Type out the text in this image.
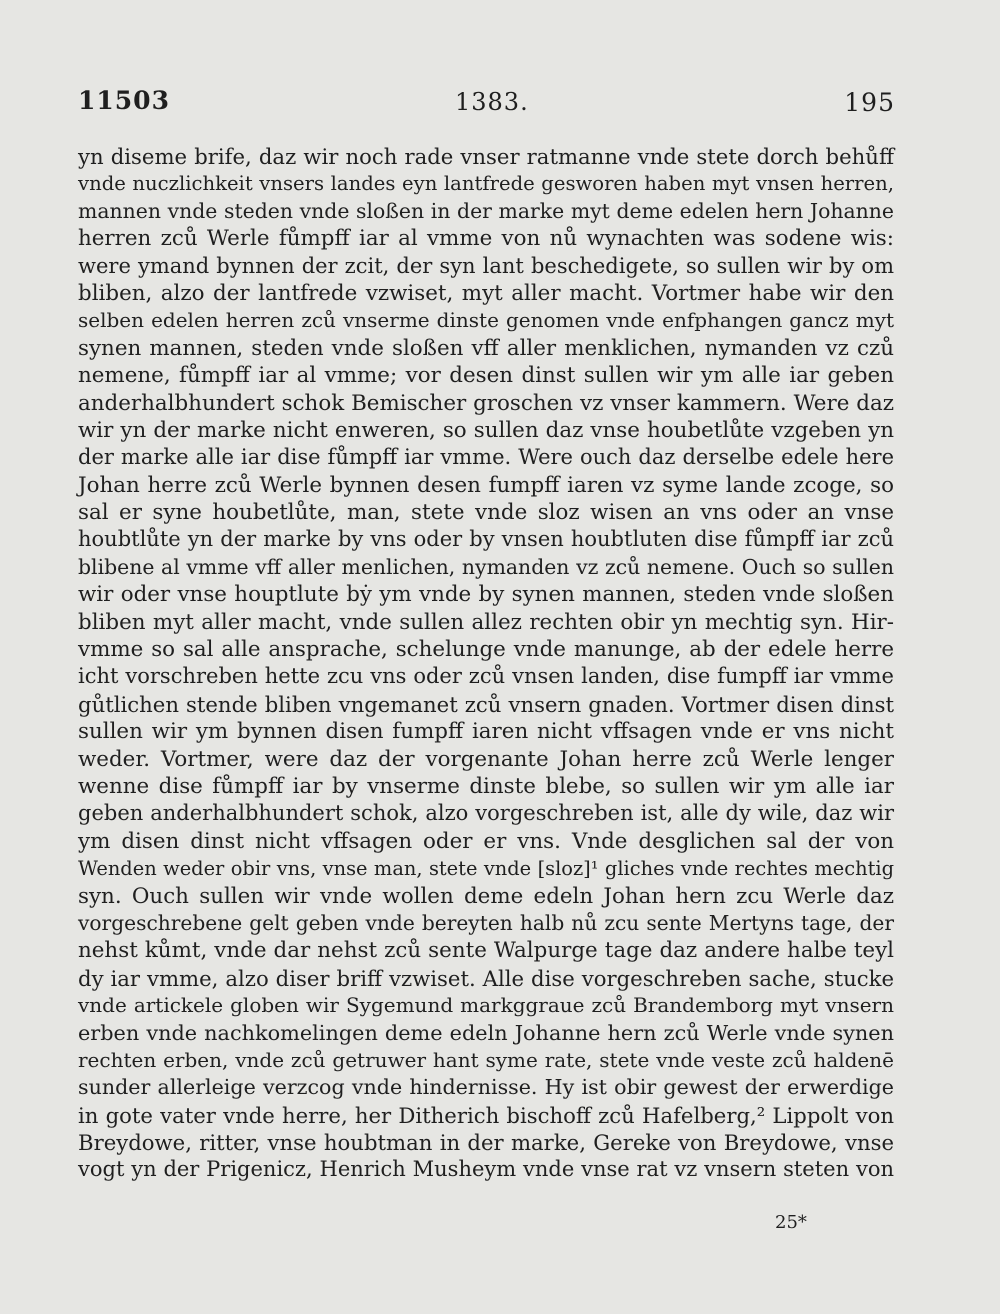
11503	1383.	195
yn diseme brife, daz wir noch rade vnser ratmanne vnde stete dorch behůff
vnde nuczlichkeit vnsers landes eyn lantfrede gesworen haben myt vnsen herren,
mannen vnde steden vnde sloßen in der marke myt deme edelen hern Johanne
herren zců Werle fůmpff iar al vmme von nů wynachten was sodene wis:
were ymand bynnen der zcit, der syn lant beschedigete, so sullen wir by om
bliben, alzo der lantfrede vzwiset, myt aller macht. Vortmer habe wir den
selben edelen herren zců vnserme dinste genomen vnde enfphangen gancz myt
synen mannen, steden vnde sloßen vff aller menklichen, nymanden vz czů
nemene, fůmpff iar al vmme; vor desen dinst sullen wir ym alle iar geben
anderhalbhundert schok Bemischer groschen vz vnser kammern. Were daz
wir yn der marke nicht enweren, so sullen daz vnse houbetlůte vzgeben yn
der marke alle iar dise fůmpff iar vmme. Were ouch daz derselbe edele here
Johan herre zců Werle bynnen desen fumpff iaren vz syme lande zcoge, so
sal er syne houbetlůte, man, stete vnde sloz wisen an vns oder an vnse
houbtlůte yn der marke by vns oder by vnsen houbtluten dise fůmpff iar zců
blibene al vmme vff aller menlichen, nymanden vz zců nemene. Ouch so sullen
wir oder vnse houptlute bẏ ym vnde by synen mannen, steden vnde sloßen
bliben myt aller macht, vnde sullen allez rechten obir yn mechtig syn. Hir-
vmme so sal alle ansprache, schelunge vnde manunge, ab der edele herre
icht vorschreben hette zcu vns oder zců vnsen landen, dise fumpff iar vmme
gůtlichen stende bliben vngemanet zců vnsern gnaden. Vortmer disen dinst
sullen wir ym bynnen disen fumpff iaren nicht vffsagen vnde er vns nicht
weder. Vortmer, were daz der vorgenante Johan herre zců Werle lenger
wenne dise fůmpff iar by vnserme dinste blebe, so sullen wir ym alle iar
geben anderhalbhundert schok, alzo vorgeschreben ist, alle dy wile, daz wir
ym disen dinst nicht vffsagen oder er vns. Vnde desglichen sal der von
Wenden weder obir vns, vnse man, stete vnde [sloz]¹ gliches vnde rechtes mechtig
syn. Ouch sullen wir vnde wollen deme edeln Johan hern zcu Werle daz
vorgeschrebene gelt geben vnde bereyten halb nů zcu sente Mertyns tage, der
nehst kůmt, vnde dar nehst zců sente Walpurge tage daz andere halbe teyl
dy iar vmme, alzo diser briff vzwiset. Alle dise vorgeschreben sache, stucke
vnde artickele globen wir Sygemund markggraue zců Brandemborg myt vnsern
erben vnde nachkomelingen deme edeln Johanne hern zců Werle vnde synen
rechten erben, vnde zců getruwer hant syme rate, stete vnde veste zců haldenē
sunder allerleige verzcog vnde hindernisse. Hy ist obir gewest der erwerdige
in gote vater vnde herre, her Ditherich bischoff zců Hafelberg,² Lippolt von
Breydowe, ritter, vnse houbtman in der marke, Gereke von Breydowe, vnse
vogt yn der Prigenicz, Henrich Musheym vnde vnse rat vz vnsern steten von
25*
